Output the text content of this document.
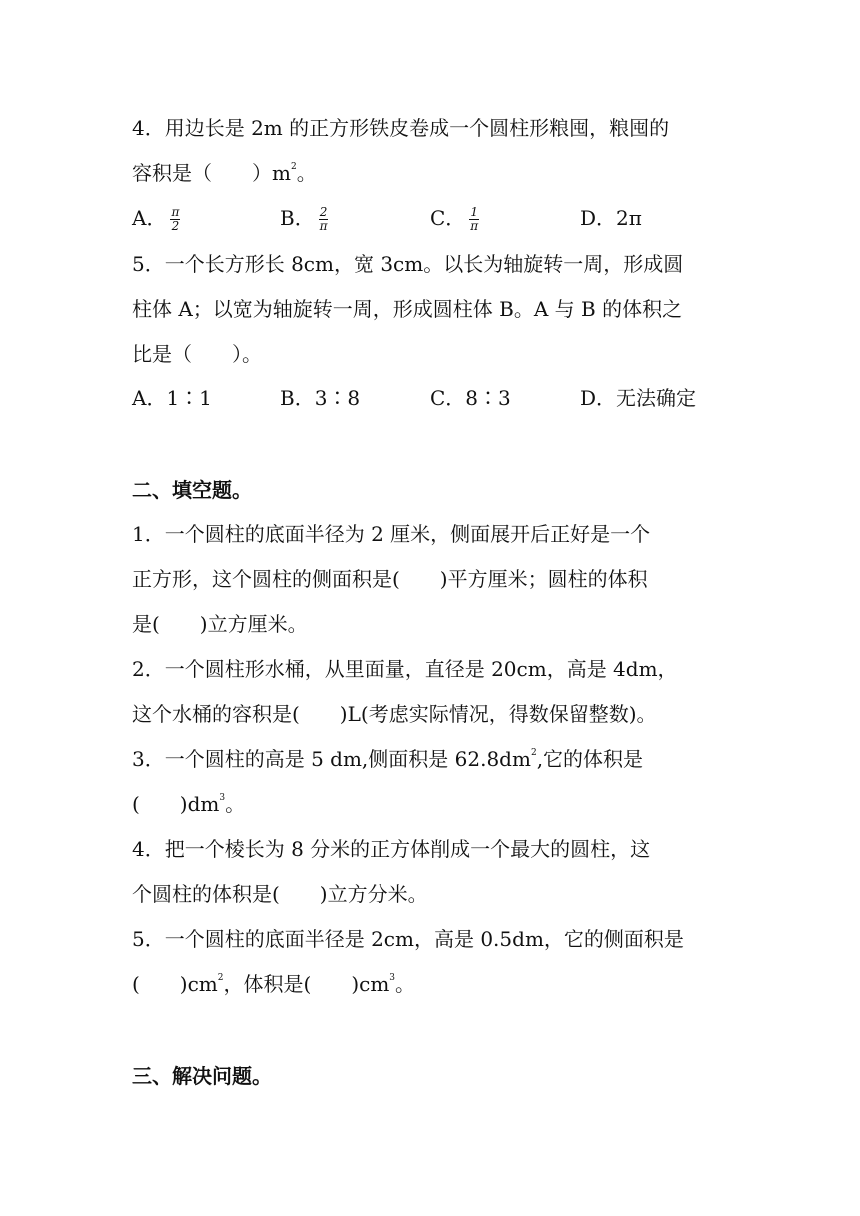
4．用边长是 2m 的正方形铁皮卷成一个圆柱形粮囤，粮囤的
容积是（　　）$m^2$。
A． $\frac{\pi}{2}$	B． $\frac{2}{\pi}$	C． $\frac{1}{\pi}$	D．2π
5．一个长方形长 8cm，宽 3cm。以长为轴旋转一周，形成圆
柱体 A；以宽为轴旋转一周，形成圆柱体 B。A 与 B 的体积之
比是（　　）。
A．1∶1	B．3∶8	C．8∶3	D．无法确定
二、填空题。
1．一个圆柱的底面半径为 2 厘米，侧面展开后正好是一个
正方形，这个圆柱的侧面积是(　　)平方厘米；圆柱的体积
是(　　)立方厘米。
2．一个圆柱形水桶，从里面量，直径是 20cm，高是 4dm，
这个水桶的容积是(　　)L(考虑实际情况，得数保留整数)。
3．一个圆柱的高是 5 dm,侧面积是 $62.8dm^2$,它的体积是
(　　)$dm^3$。
4．把一个棱长为 8 分米的正方体削成一个最大的圆柱，这
个圆柱的体积是(　　)立方分米。
5．一个圆柱的底面半径是 2cm，高是 0.5dm，它的侧面积是
(　　)$cm^2$，体积是(　　)$cm^3$。
三、解决问题。
